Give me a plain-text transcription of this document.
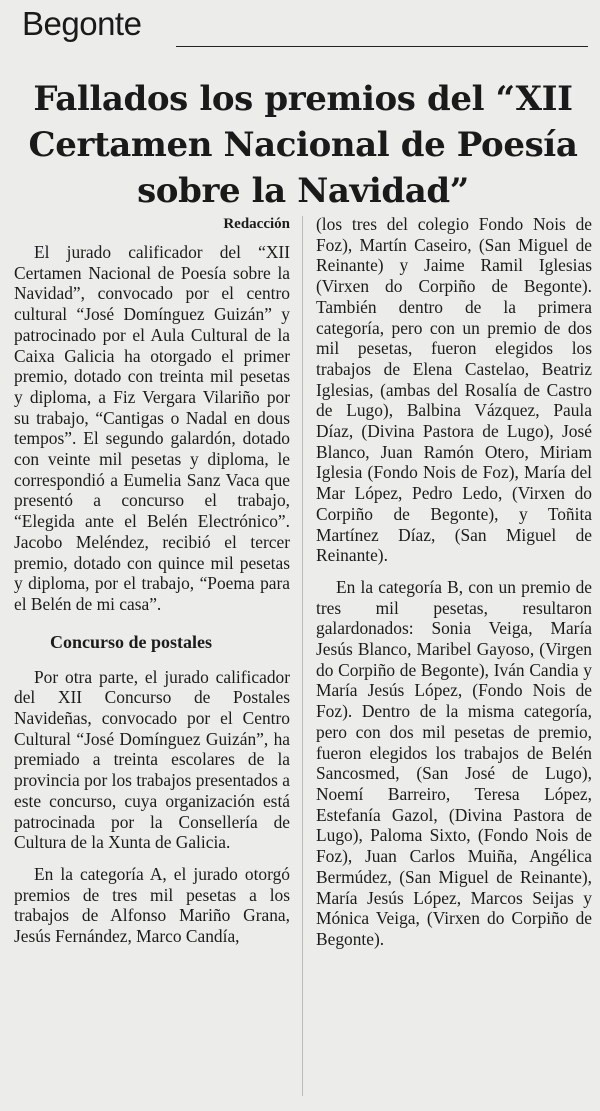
Begonte
Fallados los premios del “XII Certamen Nacional de Poesía sobre la Navidad”

El jurado calificador del “XII Certamen Nacional de Poesía sobre la Navidad”, convocado por el centro cultural “José Domínguez Guizán” y patrocinado por el Aula Cultural de la Caixa Galicia ha otorgado el primer premio, dotado con treinta mil pesetas y diploma, a Fiz Vergara Vilariño por su trabajo, “Cantigas o Nadal en dous tempos”. El segundo galardón, dotado con veinte mil pesetas y diploma, le correspondió a Eumelia Sanz Vaca que presentó a concurso el trabajo, “Elegida ante el Belén Electrónico”. Jacobo Meléndez, recibió el tercer premio, dotado con quince mil pesetas y diploma, por el trabajo, “Poema para el Belén de mi casa”.

Concurso de postales

Por otra parte, el jurado calificador del XII Concurso de Postales Navideñas, convocado por el Centro Cultural “José Domínguez Guizán”, ha premiado a treinta escolares de la provincia por los trabajos presentados a este concurso, cuya organización está patrocinada por la Consellería de Cultura de la Xunta de Galicia.

En la categoría A, el jurado otorgó premios de tres mil pesetas a los trabajos de Alfonso Mariño Grana, Jesús Fernández, Marco Candía,

(los tres del colegio Fondo Nois de Foz), Martín Caseiro, (San Miguel de Reinante) y Jaime Ramil Iglesias (Virxen do Corpiño de Begonte). También dentro de la primera categoría, pero con un premio de dos mil pesetas, fueron elegidos los trabajos de Elena Castelao, Beatriz Iglesias, (ambas del Rosalía de Castro de Lugo), Balbina Vázquez, Paula Díaz, (Divina Pastora de Lugo), José Blanco, Juan Ramón Otero, Miriam Iglesia (Fondo Nois de Foz), María del Mar López, Pedro Ledo, (Virxen do Corpiño de Begonte), y Toñita Martínez Díaz, (San Miguel de Reinante).

En la categoría B, con un premio de tres mil pesetas, resultaron galardonados: Sonia Veiga, María Jesús Blanco, Maribel Gayoso, (Virgen do Corpiño de Begonte), Iván Candia y María Jesús López, (Fondo Nois de Foz). Dentro de la misma categoría, pero con dos mil pesetas de premio, fueron elegidos los trabajos de Belén Sancosmed, (San José de Lugo), Noemí Barreiro, Teresa López, Estefanía Gazol, (Divina Pastora de Lugo), Paloma Sixto, (Fondo Nois de Foz), Juan Carlos Muiña, Angélica Bermúdez, (San Miguel de Reinante), María Jesús López, Marcos Seijas y Mónica Veiga, (Virxen do Corpiño de Begonte).

Redacción
